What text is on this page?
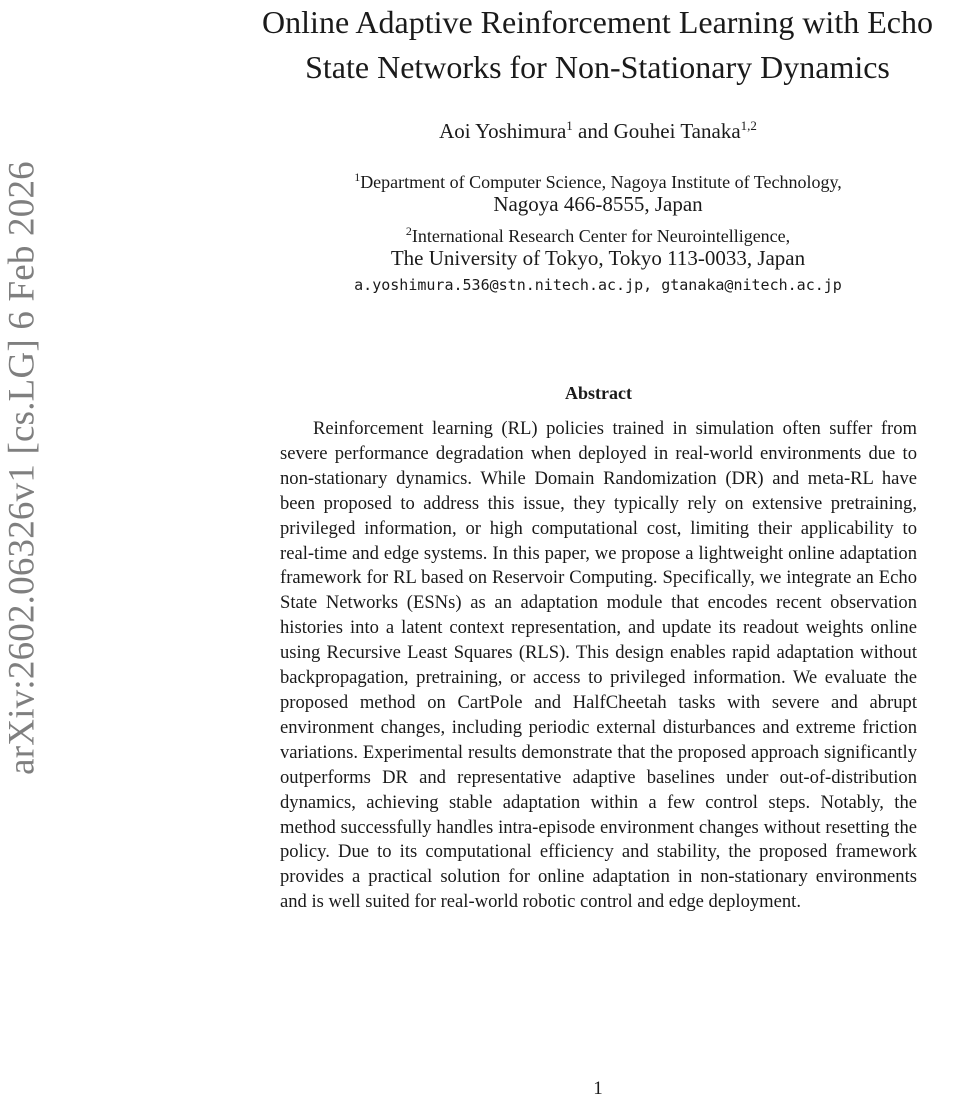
arXiv:2602.06326v1 [cs.LG] 6 Feb 2026
Online Adaptive Reinforcement Learning with Echo
State Networks for Non-Stationary Dynamics
Aoi Yoshimura$^1$ and Gouhei Tanaka$^{1,2}$
$^1$Department of Computer Science, Nagoya Institute of Technology,
Nagoya 466-8555, Japan
$^2$International Research Center for Neurointelligence,
The University of Tokyo, Tokyo 113-0033, Japan
a.yoshimura.536@stn.nitech.ac.jp, gtanaka@nitech.ac.jp
Abstract

Reinforcement learning (RL) policies trained in simulation often suffer from severe performance degradation when deployed in real-world environments due to non-stationary dynamics. While Domain Randomization (DR) and meta-RL have been proposed to address this issue, they typically rely on extensive pretraining, privileged information, or high computational cost, limiting their applicability to real-time and edge systems. In this paper, we propose a lightweight online adaptation framework for RL based on Reservoir Computing. Specifically, we integrate an Echo State Networks (ESNs) as an adaptation module that encodes recent observation histories into a latent context representation, and update its readout weights online using Recursive Least Squares (RLS). This design enables rapid adaptation without backpropagation, pretraining, or access to privileged information. We evaluate the proposed method on CartPole and HalfCheetah tasks with severe and abrupt environment changes, including periodic external disturbances and extreme friction variations. Experimental results demonstrate that the proposed approach significantly outperforms DR and representative adaptive baselines under out-of-distribution dynamics, achieving stable adaptation within a few control steps. Notably, the method successfully handles intra-episode environment changes without resetting the policy. Due to its computational efficiency and stability, the proposed framework provides a practical solution for online adaptation in non-stationary environments and is well suited for real-world robotic control and edge deployment.

1
